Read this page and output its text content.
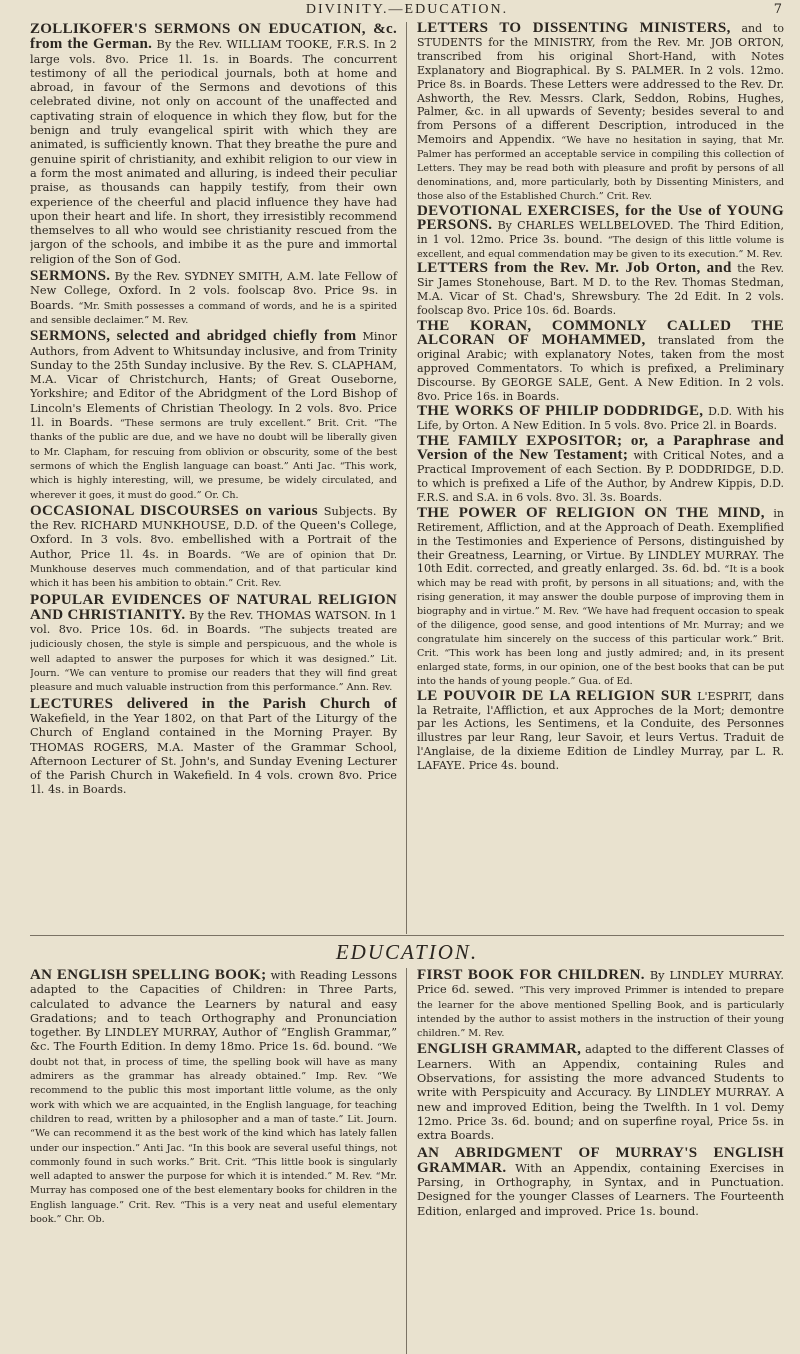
DIVINITY.—EDUCATION.	7

ZOLLIKOFER'S SERMONS ON EDUCATION, &c. from the German. By the Rev. WILLIAM TOOKE, F.R.S. In 2 large vols. 8vo. Price 1l. 1s. in Boards. The concurrent testimony of all the periodical journals, both at home and abroad, in favour of the Sermons and devotions of this celebrated divine, not only on account of the unaffected and captivating strain of eloquence in which they flow, but for the benign and truly evangelical spirit with which they are animated, is sufficiently known. That they breathe the pure and genuine spirit of christianity, and exhibit religion to our view in a form the most animated and alluring, is indeed their peculiar praise, as thousands can happily testify, from their own experience of the cheerful and placid influence they have had upon their heart and life. In short, they irresistibly recommend themselves to all who would see christianity rescued from the jargon of the schools, and imbibe it as the pure and immortal religion of the Son of God.

SERMONS. By the Rev. SYDNEY SMITH, A.M. late Fellow of New College, Oxford. In 2 vols. foolscap 8vo. Price 9s. in Boards. “Mr. Smith possesses a command of words, and he is a spirited and sensible declaimer.” M. Rev.

SERMONS, selected and abridged chiefly from Minor Authors, from Advent to Whitsunday inclusive, and from Trinity Sunday to the 25th Sunday inclusive. By the Rev. S. CLAPHAM, M.A. Vicar of Christchurch, Hants; of Great Ouseborne, Yorkshire; and Editor of the Abridgment of the Lord Bishop of Lincoln's Elements of Christian Theology. In 2 vols. 8vo. Price 1l. in Boards. “These sermons are truly excellent.” Brit. Crit. “The thanks of the public are due, and we have no doubt will be liberally given to Mr. Clapham, for rescuing from oblivion or obscurity, some of the best sermons of which the English language can boast.” Anti Jac. “This work, which is highly interesting, will, we presume, be widely circulated, and wherever it goes, it must do good.” Or. Ch.

OCCASIONAL DISCOURSES on various Subjects. By the Rev. RICHARD MUNKHOUSE, D.D. of the Queen's College, Oxford. In 3 vols. 8vo. embellished with a Portrait of the Author, Price 1l. 4s. in Boards. “We are of opinion that Dr. Munkhouse deserves much commendation, and of that particular kind which it has been his ambition to obtain.” Crit. Rev.

POPULAR EVIDENCES OF NATURAL RELIGION AND CHRISTIANITY. By the Rev. THOMAS WATSON. In 1 vol. 8vo. Price 10s. 6d. in Boards. “The subjects treated are judiciously chosen, the style is simple and perspicuous, and the whole is well adapted to answer the purposes for which it was designed.” Lit. Journ. “We can venture to promise our readers that they will find great pleasure and much valuable instruction from this performance.” Ann. Rev.

LECTURES delivered in the Parish Church of Wakefield, in the Year 1802, on that Part of the Liturgy of the Church of England contained in the Morning Prayer. By THOMAS ROGERS, M.A. Master of the Grammar School, Afternoon Lecturer of St. John's, and Sunday Evening Lecturer of the Parish Church in Wakefield. In 4 vols. crown 8vo. Price 1l. 4s. in Boards.

LETTERS TO DISSENTING MINISTERS, and to STUDENTS for the MINISTRY, from the Rev. Mr. JOB ORTON, transcribed from his original Short-Hand, with Notes Explanatory and Biographical. By S. PALMER. In 2 vols. 12mo. Price 8s. in Boards. These Letters were addressed to the Rev. Dr. Ashworth, the Rev. Messrs. Clark, Seddon, Robins, Hughes, Palmer, &c. in all upwards of Seventy; besides several to and from Persons of a different Description, introduced in the Memoirs and Appendix. “We have no hesitation in saying, that Mr. Palmer has performed an acceptable service in compiling this collection of Letters. They may be read both with pleasure and profit by persons of all denominations, and, more particularly, both by Dissenting Ministers, and those also of the Established Church.” Crit. Rev.

DEVOTIONAL EXERCISES, for the Use of YOUNG PERSONS. By CHARLES WELLBELOVED. The Third Edition, in 1 vol. 12mo. Price 3s. bound. “The design of this little volume is excellent, and equal commendation may be given to its execution.” M. Rev.

LETTERS from the Rev. Mr. Job Orton, and the Rev. Sir James Stonehouse, Bart. M D. to the Rev. Thomas Stedman, M.A. Vicar of St. Chad's, Shrewsbury. The 2d Edit. In 2 vols. foolscap 8vo. Price 10s. 6d. Boards.

THE KORAN, COMMONLY CALLED THE ALCORAN OF MOHAMMED, translated from the original Arabic; with explanatory Notes, taken from the most approved Commentators. To which is prefixed, a Preliminary Discourse. By GEORGE SALE, Gent. A New Edition. In 2 vols. 8vo. Price 16s. in Boards.

THE WORKS OF PHILIP DODDRIDGE, D.D. With his Life, by Orton. A New Edition. In 5 vols. 8vo. Price 2l. in Boards.

THE FAMILY EXPOSITOR; or, a Paraphrase and Version of the New Testament; with Critical Notes, and a Practical Improvement of each Section. By P. DODDRIDGE, D.D. to which is prefixed a Life of the Author, by Andrew Kippis, D.D. F.R.S. and S.A. in 6 vols. 8vo. 3l. 3s. Boards.

THE POWER OF RELIGION ON THE MIND, in Retirement, Affliction, and at the Approach of Death. Exemplified in the Testimonies and Experience of Persons, distinguished by their Greatness, Learning, or Virtue. By LINDLEY MURRAY. The 10th Edit. corrected, and greatly enlarged. 3s. 6d. bd. “It is a book which may be read with profit, by persons in all situations; and, with the rising generation, it may answer the double purpose of improving them in biography and in virtue.” M. Rev. “We have had frequent occasion to speak of the diligence, good sense, and good intentions of Mr. Murray; and we congratulate him sincerely on the success of this particular work.” Brit. Crit. “This work has been long and justly admired; and, in its present enlarged state, forms, in our opinion, one of the best books that can be put into the hands of young people.” Gua. of Ed.

LE POUVOIR DE LA RELIGION SUR L'ESPRIT, dans la Retraite, l'Affliction, et aux Approches de la Mort; demontre par les Actions, les Sentimens, et la Conduite, des Personnes illustres par leur Rang, leur Savoir, et leurs Vertus. Traduit de l'Anglaise, de la dixieme Edition de Lindley Murray, par L. R. LAFAYE. Price 4s. bound.

EDUCATION.

AN ENGLISH SPELLING BOOK; with Reading Lessons adapted to the Capacities of Children: in Three Parts, calculated to advance the Learners by natural and easy Gradations; and to teach Orthography and Pronunciation together. By LINDLEY MURRAY, Author of “English Grammar,” &c. The Fourth Edition. In demy 18mo. Price 1s. 6d. bound. “We doubt not that, in process of time, the spelling book will have as many admirers as the grammar has already obtained.” Imp. Rev. “We recommend to the public this most important little volume, as the only work with which we are acquainted, in the English language, for teaching children to read, written by a philosopher and a man of taste.” Lit. Journ. “We can recommend it as the best work of the kind which has lately fallen under our inspection.” Anti Jac. “In this book are several useful things, not commonly found in such works.” Brit. Crit. “This little book is singularly well adapted to answer the purpose for which it is intended.” M. Rev. “Mr. Murray has composed one of the best elementary books for children in the English language.” Crit. Rev. “This is a very neat and useful elementary book.” Chr. Ob.

FIRST BOOK FOR CHILDREN. By LINDLEY MURRAY. Price 6d. sewed. “This very improved Primmer is intended to prepare the learner for the above mentioned Spelling Book, and is particularly intended by the author to assist mothers in the instruction of their young children.” M. Rev.

ENGLISH GRAMMAR, adapted to the different Classes of Learners. With an Appendix, containing Rules and Observations, for assisting the more advanced Students to write with Perspicuity and Accuracy. By LINDLEY MURRAY. A new and improved Edition, being the Twelfth. In 1 vol. Demy 12mo. Price 3s. 6d. bound; and on superfine royal, Price 5s. in extra Boards.

AN ABRIDGMENT OF MURRAY'S ENGLISH GRAMMAR. With an Appendix, containing Exercises in Parsing, in Orthography, in Syntax, and in Punctuation. Designed for the younger Classes of Learners. The Fourteenth Edition, enlarged and improved. Price 1s. bound.
